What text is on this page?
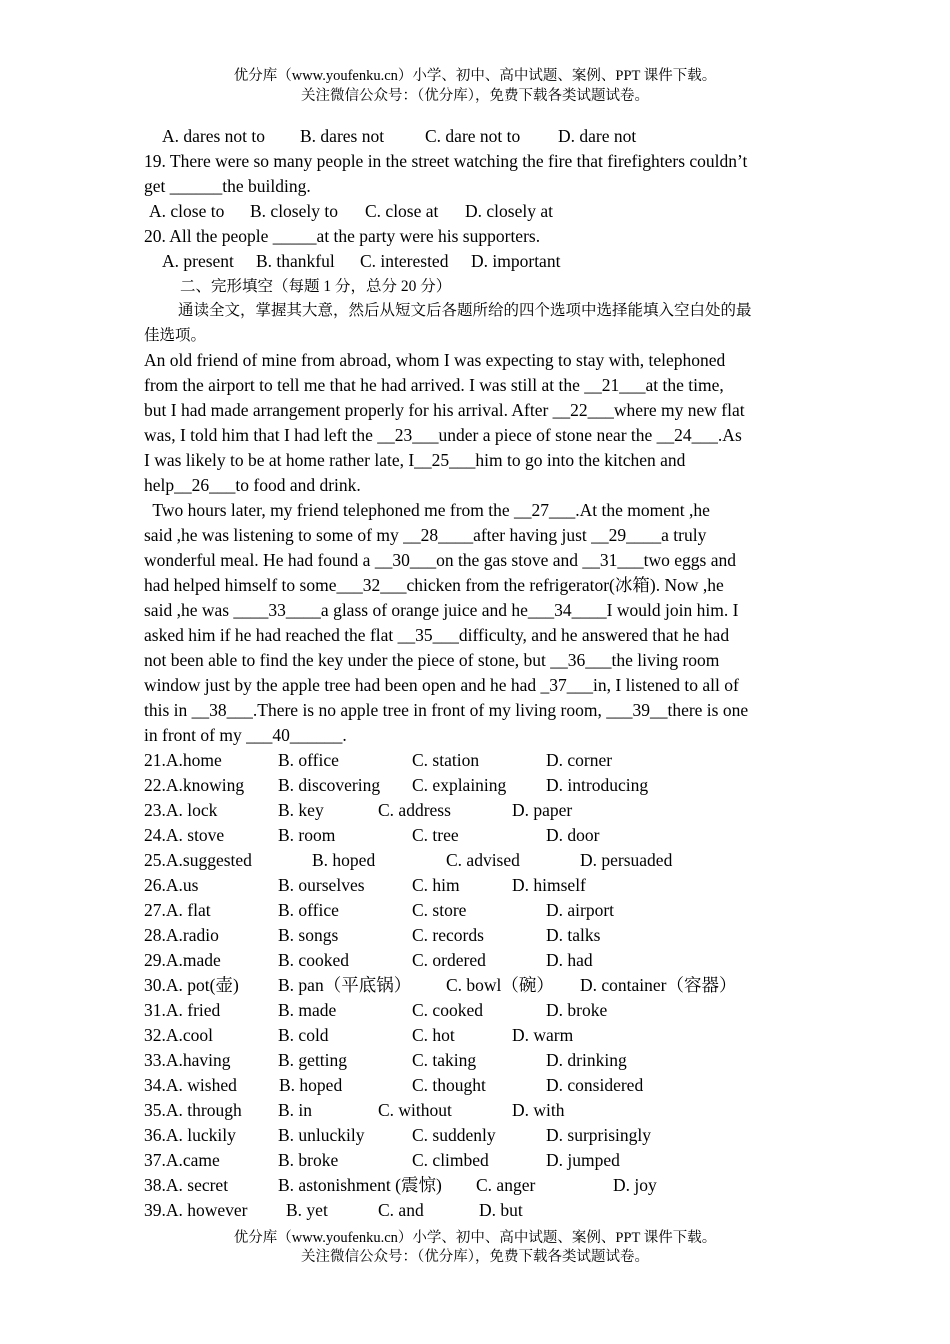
优分库（www.youfenku.cn）小学、初中、高中试题、案例、PPT 课件下载。
关注微信公众号：（优分库），免费下载各类试题试卷。
A. dares not to B. dares not C. dare not to D. dare not
19. There were so many people in the street watching the fire that firefighters couldn’t
get ______the building.
A. close to B. closely to C. close at D. closely at
20. All the people _____at the party were his supporters.
A. present B. thankful C. interested D. important
二、完形填空（每题 1 分，总分 20 分）
通读全文，掌握其大意，然后从短文后各题所给的四个选项中选择能填入空白处的最
佳选项。
An old friend of mine from abroad, whom I was expecting to stay with, telephoned
from the airport to tell me that he had arrived. I was still at the __21___at the time,
but I had made arrangement properly for his arrival. After __22___where my new flat
was, I told him that I had left the __23___under a piece of stone near the __24___.As
I was likely to be at home rather late, I__25___him to go into the kitchen and
help__26___to food and drink.
Two hours later, my friend telephoned me from the __27___.At the moment ,he
said ,he was listening to some of my __28____after having just __29____a truly
wonderful meal. He had found a __30___on the gas stove and __31___two eggs and
had helped himself to some___32___chicken from the refrigerator(冰箱). Now ,he
said ,he was ____33____a glass of orange juice and he___34____I would join him. I
asked him if he had reached the flat __35___difficulty, and he answered that he had
not been able to find the key under the piece of stone, but __36___the living room
window just by the apple tree had been open and he had _37___in, I listened to all of
this in __38___.There is no apple tree in front of my living room, ___39__there is one
in front of my ___40______.
21.A.home	B. office	C. station	D. corner
22.A.knowing B. discovering C. explaining D. introducing
23.A. lock	B. key	C. address	D. paper
24.A. stove	B. room	C. tree	D. door
25.A.suggested	B. hoped	C. advised	D. persuaded
26.A.us	B. ourselves	C. him	D. himself
27.A. flat	B. office	C. store	D. airport
28.A.radio	B. songs	C. records	D. talks
29.A.made	B. cooked	C. ordered	D. had
30.A. pot(壶) B. pan（平底锅） C. bowl（碗） D. container（容器）
31.A. fried	B. made	C. cooked	D. broke
32.A.cool	B. cold	C. hot	D. warm
33.A.having	B. getting	C. taking	D. drinking
34.A. wished B. hoped	C. thought	D. considered
35.A. through B. in	C. without	D. with
36.A. luckily B. unluckily	C. suddenly	D. surprisingly
37.A.came	B. broke	C. climbed	D. jumped
38.A. secret	B. astonishment (震惊) C. anger	D. joy
39.A. however B. yet	C. and	D. but
优分库（www.youfenku.cn）小学、初中、高中试题、案例、PPT 课件下载。
关注微信公众号：（优分库），免费下载各类试题试卷。
